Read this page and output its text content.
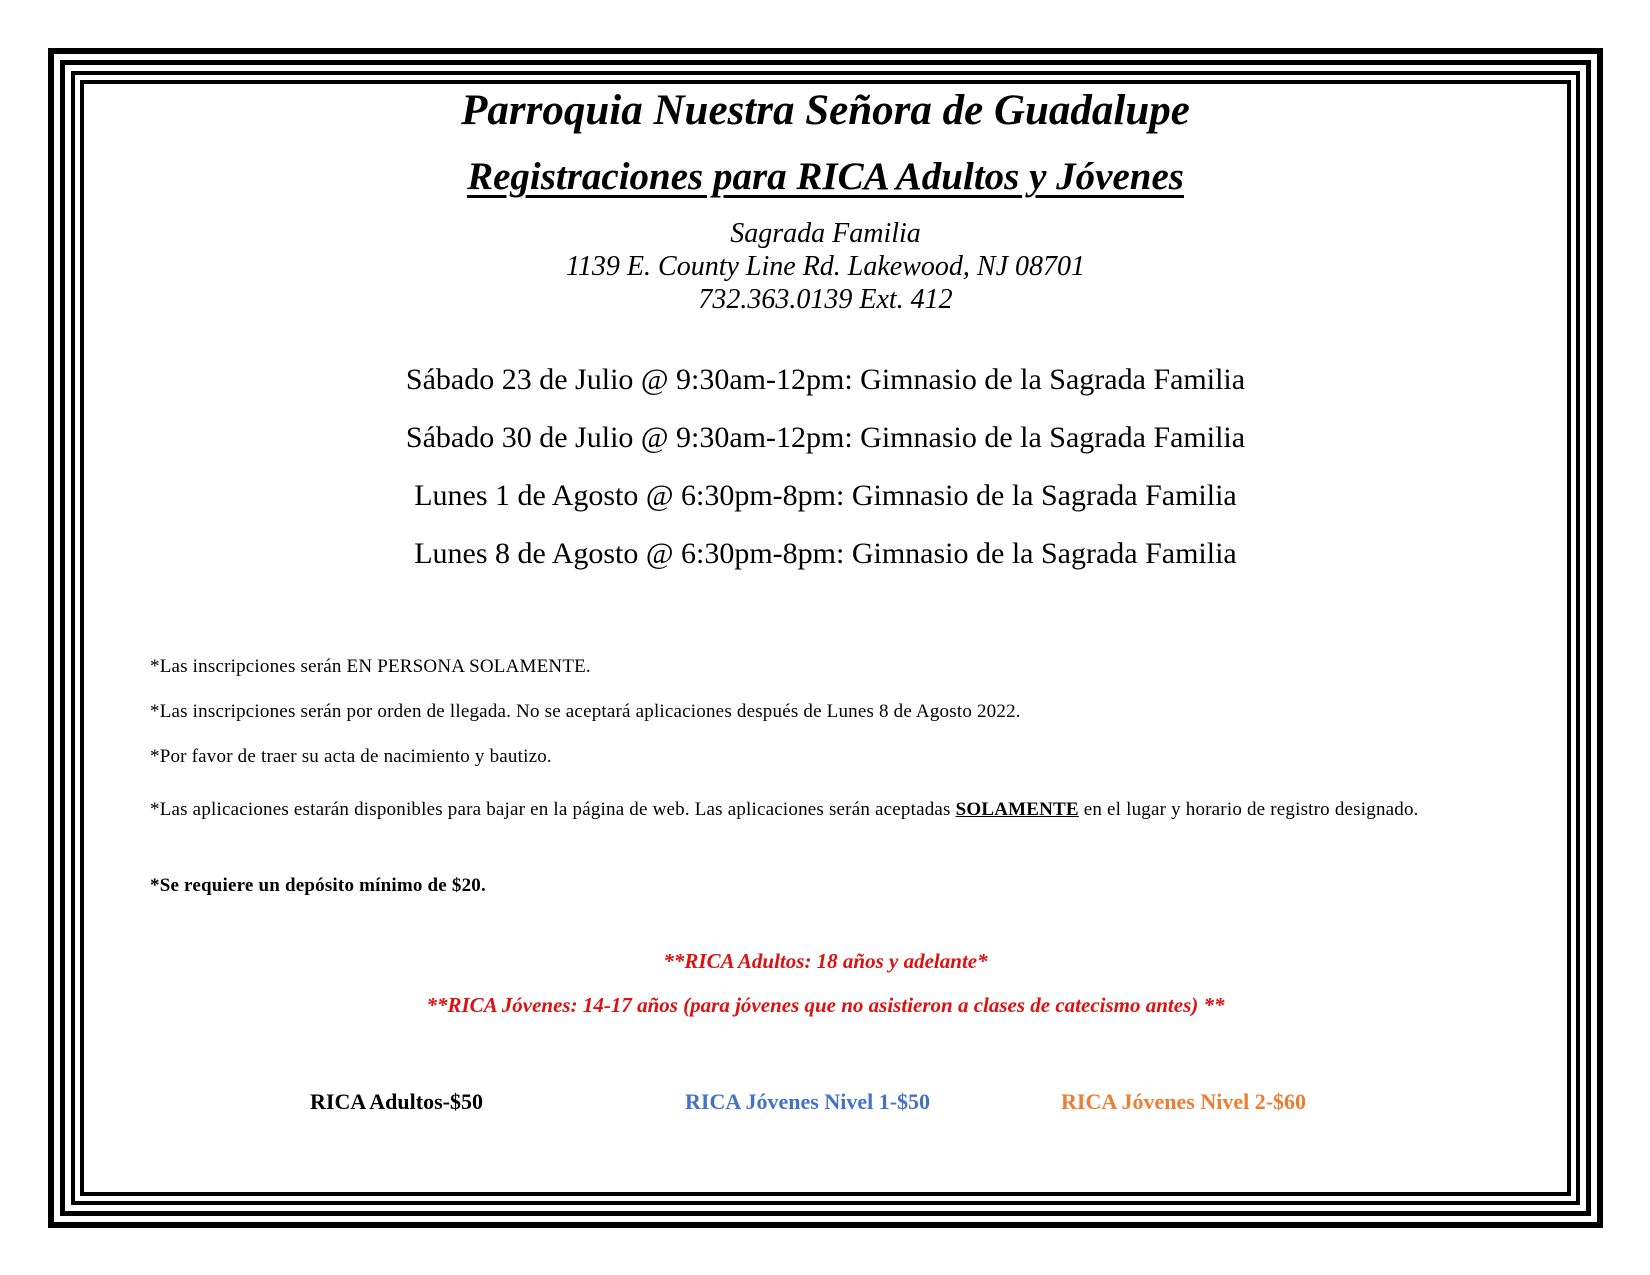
Parroquia Nuestra Señora de Guadalupe
Registraciones para RICA Adultos y Jóvenes
Sagrada Familia
1139 E. County Line Rd. Lakewood, NJ 08701
732.363.0139 Ext. 412
Sábado 23 de Julio @ 9:30am-12pm: Gimnasio de la Sagrada Familia
Sábado 30 de Julio @ 9:30am-12pm: Gimnasio de la Sagrada Familia
Lunes 1 de Agosto @ 6:30pm-8pm: Gimnasio de la Sagrada Familia
Lunes 8 de Agosto @ 6:30pm-8pm: Gimnasio de la Sagrada Familia

*Las inscripciones serán EN PERSONA SOLAMENTE.

*Las inscripciones serán por orden de llegada. No se aceptará aplicaciones después de Lunes 8 de Agosto 2022.

*Por favor de traer su acta de nacimiento y bautizo.

*Las aplicaciones estarán disponibles para bajar en la página de web. Las aplicaciones serán aceptadas SOLAMENTE en el lugar y horario de registro designado.

*Se requiere un depósito mínimo de $20.

**RICA Adultos: 18 años y adelante*
**RICA Jóvenes: 14-17 años (para jóvenes que no asistieron a clases de catecismo antes) **
RICA Adultos-$50	RICA Jóvenes Nivel 1-$50	RICA Jóvenes Nivel 2-$60
